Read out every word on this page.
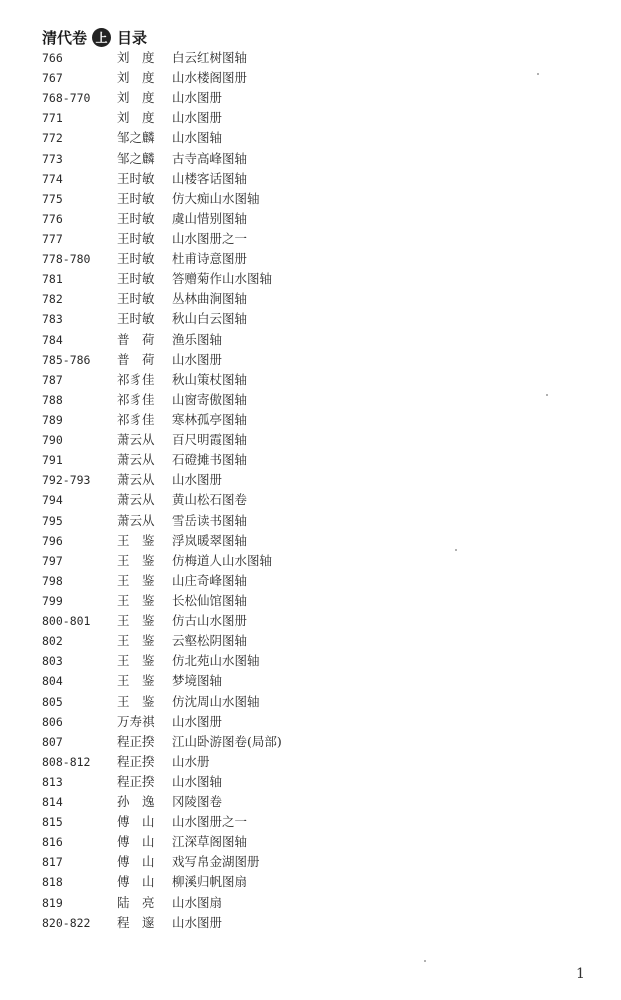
清代卷 上 目录
766	刘　度 白云红树图轴
767	刘　度 山水楼阁图册
768-770 刘　度 山水图册
771	刘　度 山水图册
772	邹之麟 山水图轴
773	邹之麟 古寺高峰图轴
774	王时敏 山楼客话图轴
775	王时敏 仿大痴山水图轴
776	王时敏 虞山惜别图轴
777	王时敏 山水图册之一
778-780 王时敏 杜甫诗意图册
781	王时敏 答赠菊作山水图轴
782	王时敏 丛林曲涧图轴
783	王时敏 秋山白云图轴
784	普　荷 渔乐图轴
785-786 普　荷 山水图册
787	祁豸佳 秋山策杖图轴
788	祁豸佳 山窗寄傲图轴
789	祁豸佳 寒林孤亭图轴
790	萧云从 百尺明霞图轴
791	萧云从 石磴摊书图轴
792-793 萧云从 山水图册
794	萧云从 黄山松石图卷
795	萧云从 雪岳读书图轴
796	王　鉴 浮岚暖翠图轴
797	王　鉴 仿梅道人山水图轴
798	王　鉴 山庄奇峰图轴
799	王　鉴 长松仙馆图轴
800-801 王　鉴 仿古山水图册
802	王　鉴 云壑松阴图轴
803	王　鉴 仿北苑山水图轴
804	王　鉴 梦境图轴
805	王　鉴 仿沈周山水图轴
806	万寿祺 山水图册
807	程正揆 江山卧游图卷(局部)
808-812 程正揆 山水册
813	程正揆 山水图轴
814	孙　逸 冈陵图卷
815	傅　山 山水图册之一
816	傅　山 江深草阁图轴
817	傅　山 戏写帛金湖图册
818	傅　山 柳溪归帆图扇
819	陆　亮 山水图扇
820-822 程　邃 山水图册
1
